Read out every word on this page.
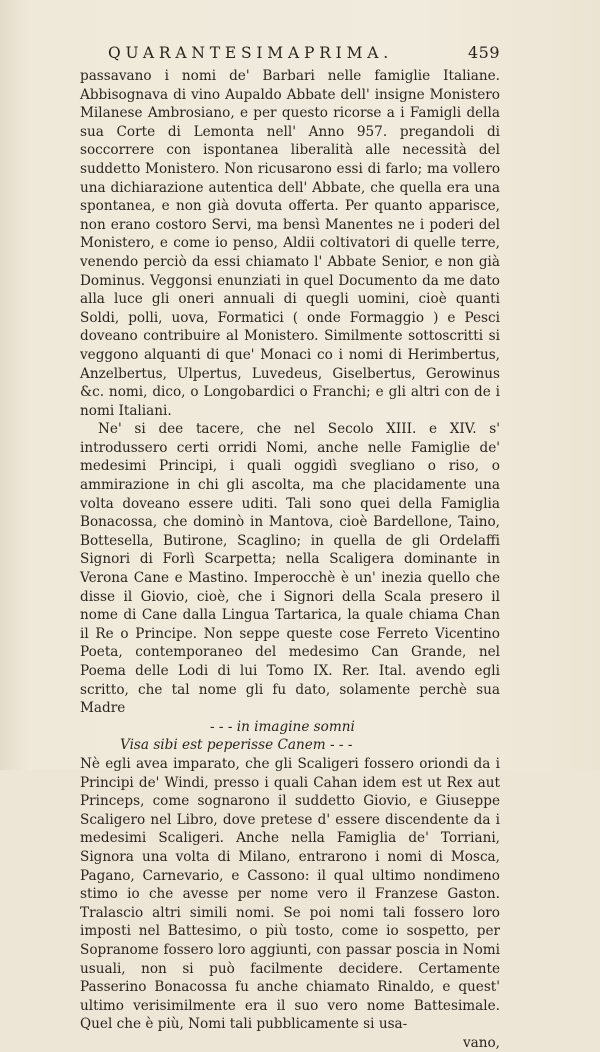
QUARANTESIMAPRIMA.	459

passavano i nomi de' Barbari nelle famiglie Italiane. Abbisognava di vino Aupaldo Abbate dell' insigne Monistero Milanese Ambrosiano, e per questo ricorse a i Famigli della sua Corte di Lemonta nell' Anno 957. pregandoli di soccorrere con ispontanea liberalità alle necessità del suddetto Monistero. Non ricusarono essi di farlo; ma vollero una dichiarazione autentica dell' Abbate, che quella era una spontanea, e non già dovuta offerta. Per quanto apparisce, non erano costoro Servi, ma bensì Manentes ne i poderi del Monistero, e come io penso, Aldii coltivatori di quelle terre, venendo perciò da essi chiamato l' Abbate Senior, e non già Dominus. Veggonsi enunziati in quel Documento da me dato alla luce gli oneri annuali di quegli uomini, cioè quanti Soldi, polli, uova, Formatici ( onde Formaggio ) e Pesci doveano contribuire al Monistero. Similmente sottoscritti si veggono alquanti di que' Monaci co i nomi di Herimbertus, Anzelbertus, Ulpertus, Luvedeus, Giselbertus, Gerowinus &c. nomi, dico, o Longobardici o Franchi; e gli altri con de i nomi Italiani.

Ne' si dee tacere, che nel Secolo XIII. e XIV. s' introdussero certi orridi Nomi, anche nelle Famiglie de' medesimi Principi, i quali oggidì svegliano o riso, o ammirazione in chi gli ascolta, ma che placidamente una volta doveano essere uditi. Tali sono quei della Famiglia Bonacossa, che dominò in Mantova, cioè Bardellone, Taino, Bottesella, Butirone, Scaglino; in quella de gli Ordelaffi Signori di Forlì Scarpetta; nella Scaligera dominante in Verona Cane e Mastino. Imperocchè è un' inezia quello che disse il Giovio, cioè, che i Signori della Scala presero il nome di Cane dalla Lingua Tartarica, la quale chiama Chan il Re o Principe. Non seppe queste cose Ferreto Vicentino Poeta, contemporaneo del medesimo Can Grande, nel Poema delle Lodi di lui Tomo IX. Rer. Ital. avendo egli scritto, che tal nome gli fu dato, solamente perchè sua Madre

- - - in imagine somni
Visa sibi est peperisse Canem - - -

Nè egli avea imparato, che gli Scaligeri fossero oriondi da i Principi de' Windi, presso i quali Cahan idem est ut Rex aut Princeps, come sognarono il suddetto Giovio, e Giuseppe Scaligero nel Libro, dove pretese d' essere discendente da i medesimi Scaligeri. Anche nella Famiglia de' Torriani, Signora una volta di Milano, entrarono i nomi di Mosca, Pagano, Carnevario, e Cassono: il qual ultimo nondimeno stimo io che avesse per nome vero il Franzese Gaston. Tralascio altri simili nomi. Se poi nomi tali fossero loro imposti nel Battesimo, o più tosto, come io sospetto, per Sopranome fossero loro aggiunti, con passar poscia in Nomi usuali, non si può facilmente decidere. Certamente Passerino Bonacossa fu anche chiamato Rinaldo, e quest' ultimo verisimilmente era il suo vero nome Battesimale. Quel che è più, Nomi tali pubblicamente si usa-

vano,
